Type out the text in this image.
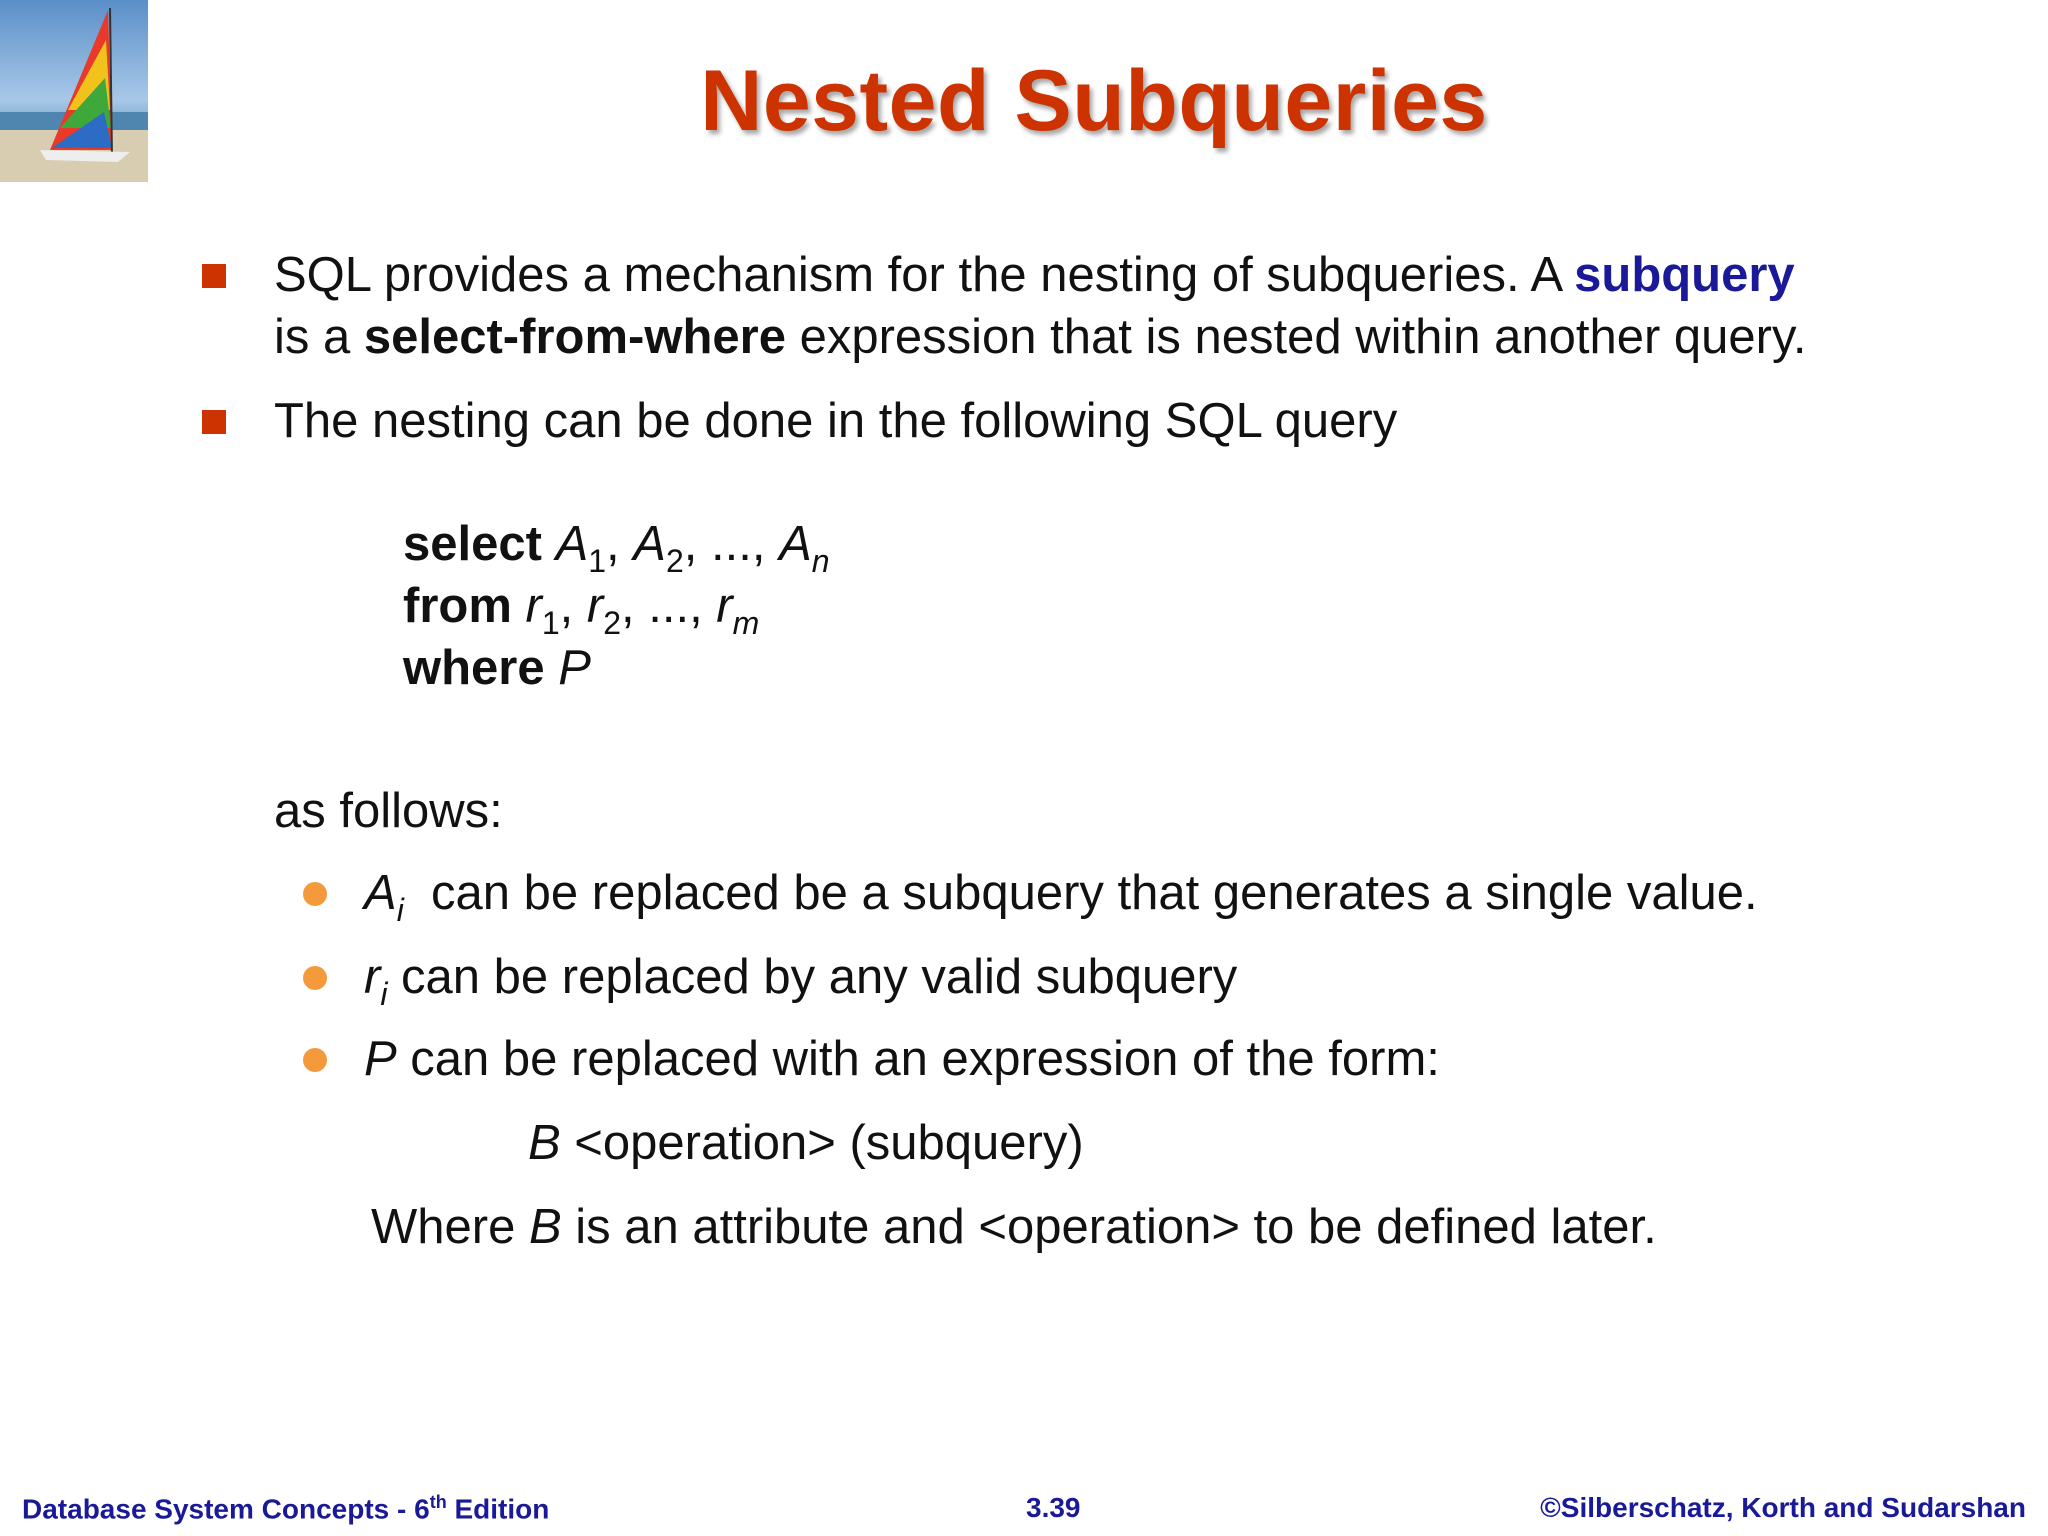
Nested Subqueries
SQL provides a mechanism for the nesting of subqueries. A subquery
is a select-from-where expression that is nested within another query.
The nesting can be done in the following SQL query
select $A_1$, $A_2$, ..., $A_n$
from $r_1$, $r_2$, ..., $r_m$
where P
as follows:
$A_i$  can be replaced be a subquery that generates a single value.
$r_i$ can be replaced by any valid subquery
P can be replaced with an expression of the form:
B <operation> (subquery)
Where B is an attribute and <operation> to be defined later.
Database System Concepts - 6th Edition	3.39	©Silberschatz, Korth and Sudarshan
